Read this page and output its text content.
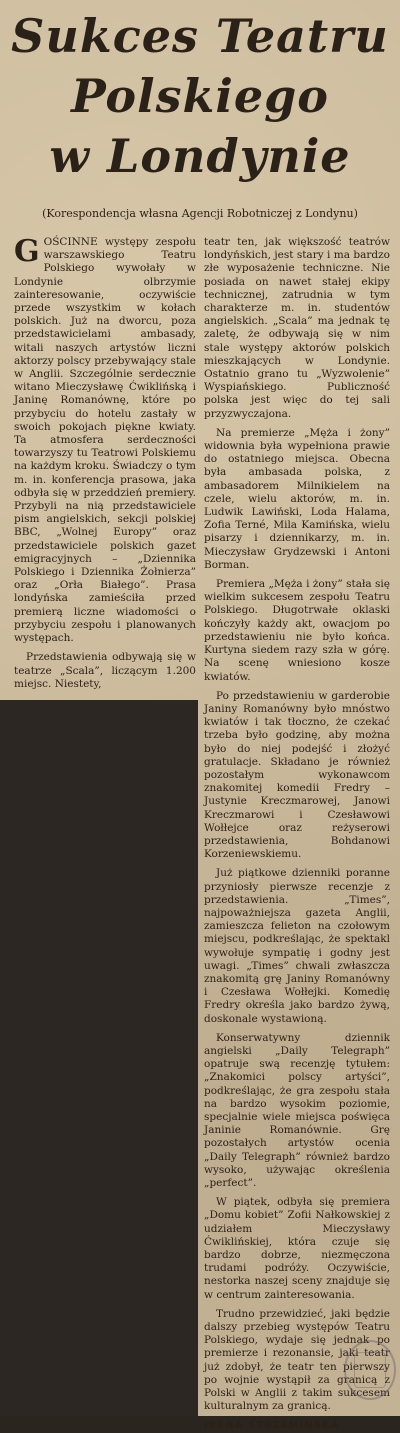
Sukces Teatru
Polskiego
w Londynie
(Korespondencja własna Agencji Robotniczej z Londynu)

GOŚCINNE występy zespołu warszawskiego Teatru Polskiego wywołały w Londynie olbrzymie zainteresowanie, oczywiście przede wszystkim w kołach polskich. Już na dworcu, poza przedstawicielami ambasady, witali naszych artystów liczni aktorzy polscy przebywający stale w Anglii. Szczególnie serdecznie witano Mieczysławę Ćwiklińską i Janinę Romanównę, które po przybyciu do hotelu zastały w swoich pokojach piękne kwiaty. Ta atmosfera serdeczności towarzyszy tu Teatrowi Polskiemu na każdym kroku. Świadczy o tym m. in. konferencja prasowa, jaka odbyła się w przeddzień premiery. Przybyli na nią przedstawiciele pism angielskich, sekcji polskiej BBC, „Wolnej Europy” oraz przedstawiciele polskich gazet emigracyjnych – „Dziennika Polskiego i Dziennika Żołnierza” oraz „Orła Białego”. Prasa londyńska zamieściła przed premierą liczne wiadomości o przybyciu zespołu i planowanych występach.

Przedstawienia odbywają się w teatrze „Scala”, liczącym 1.200 miejsc. Niestety,

teatr ten, jak większość teatrów londyńskich, jest stary i ma bardzo złe wyposażenie techniczne. Nie posiada on nawet stałej ekipy technicznej, zatrudnia w tym charakterze m. in. studentów angielskich. „Scala” ma jednak tę zaletę, że odbywają się w nim stale występy aktorów polskich mieszkających w Londynie. Ostatnio grano tu „Wyzwolenie” Wyspiańskiego. Publiczność polska jest więc do tej sali przyzwyczajona.

Na premierze „Męża i żony” widownia była wypełniona prawie do ostatniego miejsca. Obecna była ambasada polska, z ambasadorem Milnikielem na czele, wielu aktorów, m. in. Ludwik Lawiński, Loda Halama, Zofia Terné, Mila Kamińska, wielu pisarzy i dziennikarzy, m. in. Mieczysław Grydzewski i Antoni Borman.

Premiera „Męża i żony” stała się wielkim sukcesem zespołu Teatru Polskiego. Długotrwałe oklaski kończyły każdy akt, owacjom po przedstawieniu nie było końca. Kurtyna siedem razy szła w górę. Na scenę wniesiono kosze kwiatów.

Po przedstawieniu w garderobie Janiny Romanówny było mnóstwo kwiatów i tak tłoczno, że czekać trzeba było godzinę, aby można było do niej podejść i złożyć gratulacje. Składano je również pozostałym wykonawcom znakomitej komedii Fredry – Justynie Kreczmarowej, Janowi Kreczmarowi i Czesławowi Wołłejce oraz reżyserowi przedstawienia, Bohdanowi Korzeniewskiemu.

Już piątkowe dzienniki poranne przyniosły pierwsze recenzje z przedstawienia. „Times”, najpoważniejsza gazeta Anglii, zamieszcza felieton na czołowym miejscu, podkreślając, że spektakl wywołuje sympatię i godny jest uwagi. „Times” chwali zwłaszcza znakomitą grę Janiny Romanówny i Czesława Wołłejki. Komedię Fredry określa jako bardzo żywą, doskonale wystawioną.

Konserwatywny dziennik angielski „Daily Telegraph” opatruje swą recenzję tytułem: „Znakomici polscy artyści”, podkreślając, że gra zespołu stała na bardzo wysokim poziomie, specjalnie wiele miejsca poświęca Janinie Romanównie. Grę pozostałych artystów ocenia „Daily Telegraph” również bardzo wysoko, używając określenia „perfect”.

W piątek, odbyła się premiera „Domu kobiet” Zofii Nałkowskiej z udziałem Mieczysławy Ćwiklińskiej, która czuje się bardzo dobrze, niezmęczona trudami podróży. Oczywiście, nestorka naszej sceny znajduje się w centrum zainteresowania.

Trudno przewidzieć, jaki będzie dalszy przebieg występów Teatru Polskiego, wydaje się jednak po premierze i rezonansie, jaki teatr już zdobył, że teatr ten pierwszy po wojnie wystąpił za granicą z Polski w Anglii z takim sukcesem kulturalnym za granicą.

IRENA STRZEMIŃSKA
